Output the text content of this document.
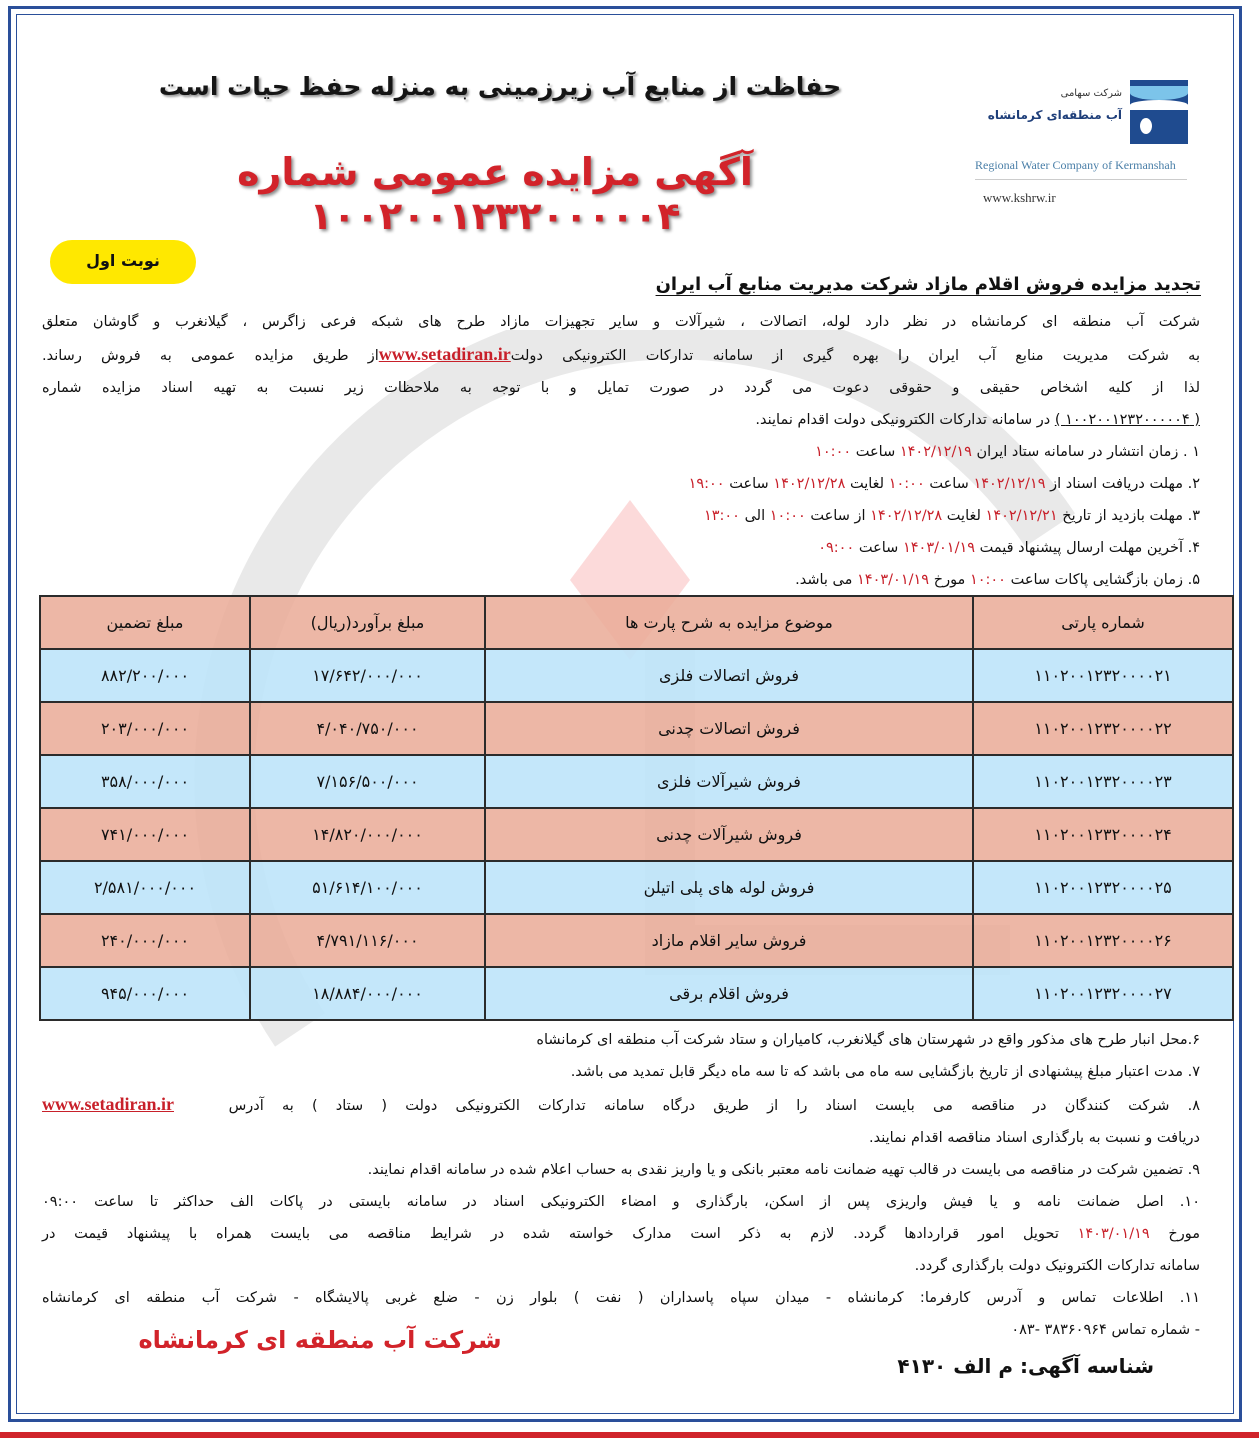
حفاظت از منابع آب زیرزمینی به منزله حفظ حیات است
آگهی مزایده عمومی شماره ۱۰۰۲۰۰۱۲۳۲۰۰۰۰۰۴
شرکت سهامی
آب منطقه‌ای کرمانشاه
Regional Water Company of Kermanshah
www.kshrw.ir
نوبت اول
تجدید مزایده فروش اقلام مازاد شرکت مدیریت منابع آب ایران
شرکت آب منطقه ای کرمانشاه در نظر دارد لوله، اتصالات ، شیرآلات و سایر تجهیزات مازاد طرح های شبکه فرعی زاگرس ، گیلانغرب و گاوشان متعلق
به شرکت مدیریت منابع آب ایران را بهره گیری از سامانه تدارکات الکترونیکی دولتwww.setadiran.irاز طریق مزایده عمومی به فروش رساند.
لذا از کلیه اشخاص حقیقی و حقوقی دعوت می گردد در صورت تمایل و با توجه به ملاحظات زیر نسبت به تهیه اسناد مزایده شماره
( ۱۰۰۲۰۰۱۲۳۲۰۰۰۰۰۴ ) در سامانه تدارکات الکترونیکی دولت اقدام نمایند.
۱ . زمان انتشار در سامانه ستاد ایران ۱۴۰۲/۱۲/۱۹ ساعت ۱۰:۰۰
۲. مهلت دریافت اسناد از ۱۴۰۲/۱۲/۱۹ ساعت ۱۰:۰۰ لغایت ۱۴۰۲/۱۲/۲۸ ساعت ۱۹:۰۰
۳. مهلت بازدید از تاریخ ۱۴۰۲/۱۲/۲۱ لغایت ۱۴۰۲/۱۲/۲۸ از ساعت ۱۰:۰۰ الی ۱۳:۰۰
۴. آخرین مهلت ارسال پیشنهاد قیمت ۱۴۰۳/۰۱/۱۹ ساعت ۰۹:۰۰
۵. زمان بازگشایی پاکات ساعت ۱۰:۰۰ مورخ ۱۴۰۳/۰۱/۱۹ می باشد.
شماره پارتی	موضوع مزایده به شرح پارت ها	مبلغ برآورد(ریال)	مبلغ تضمین
۱۱۰۲۰۰۱۲۳۲۰۰۰۰۲۱	فروش اتصالات فلزی	۱۷/۶۴۲/۰۰۰/۰۰۰	۸۸۲/۲۰۰/۰۰۰
۱۱۰۲۰۰۱۲۳۲۰۰۰۰۲۲	فروش اتصالات چدنی	۴/۰۴۰/۷۵۰/۰۰۰	۲۰۳/۰۰۰/۰۰۰
۱۱۰۲۰۰۱۲۳۲۰۰۰۰۲۳	فروش شیرآلات فلزی	۷/۱۵۶/۵۰۰/۰۰۰	۳۵۸/۰۰۰/۰۰۰
۱۱۰۲۰۰۱۲۳۲۰۰۰۰۲۴	فروش شیرآلات چدنی	۱۴/۸۲۰/۰۰۰/۰۰۰	۷۴۱/۰۰۰/۰۰۰
۱۱۰۲۰۰۱۲۳۲۰۰۰۰۲۵	فروش لوله های پلی اتیلن	۵۱/۶۱۴/۱۰۰/۰۰۰	۲/۵۸۱/۰۰۰/۰۰۰
۱۱۰۲۰۰۱۲۳۲۰۰۰۰۲۶	فروش سایر اقلام مازاد	۴/۷۹۱/۱۱۶/۰۰۰	۲۴۰/۰۰۰/۰۰۰
۱۱۰۲۰۰۱۲۳۲۰۰۰۰۲۷	فروش اقلام برقی	۱۸/۸۸۴/۰۰۰/۰۰۰	۹۴۵/۰۰۰/۰۰۰
۶.محل انبار طرح های مذکور واقع در شهرستان های گیلانغرب، کامیاران و ستاد شرکت آب منطقه ای کرمانشاه
۷. مدت اعتبار مبلغ پیشنهادی از تاریخ بازگشایی سه ماه می باشد که تا سه ماه دیگر قابل تمدید می باشد.
۸. شرکت کنندگان در مناقصه می بایست اسناد را از طریق درگاه سامانه تدارکات الکترونیکی دولت ( ستاد ) به آدرس   www.setadiran.ir
دریافت و نسبت به بارگذاری اسناد مناقصه اقدام نمایند.
۹. تضمین شرکت در مناقصه می بایست در قالب تهیه ضمانت نامه معتبر بانکی و یا واریز نقدی به حساب اعلام شده در سامانه اقدام نمایند.
۱۰. اصل ضمانت نامه و یا فیش واریزی پس از اسکن، بارگذاری و امضاء الکترونیکی اسناد در سامانه بایستی در پاکات الف حداکثر تا ساعت ۰۹:۰۰
مورخ ۱۴۰۳/۰۱/۱۹ تحویل امور قراردادها گردد. لازم به ذکر است مدارک خواسته شده در شرایط مناقصه می بایست همراه با پیشنهاد قیمت در
سامانه تدارکات الکترونیک دولت بارگذاری گردد.
۱۱. اطلاعات تماس و آدرس کارفرما: کرمانشاه - میدان سپاه پاسداران ( نفت ) بلوار زن - ضلع غربی پالایشگاه - شرکت آب منطقه ای کرمانشاه
- شماره تماس ۳۸۳۶۰۹۶۴ -۰۸۳
شرکت آب منطقه ای کرمانشاه
شناسه آگهی: م الف ۴۱۳۰
